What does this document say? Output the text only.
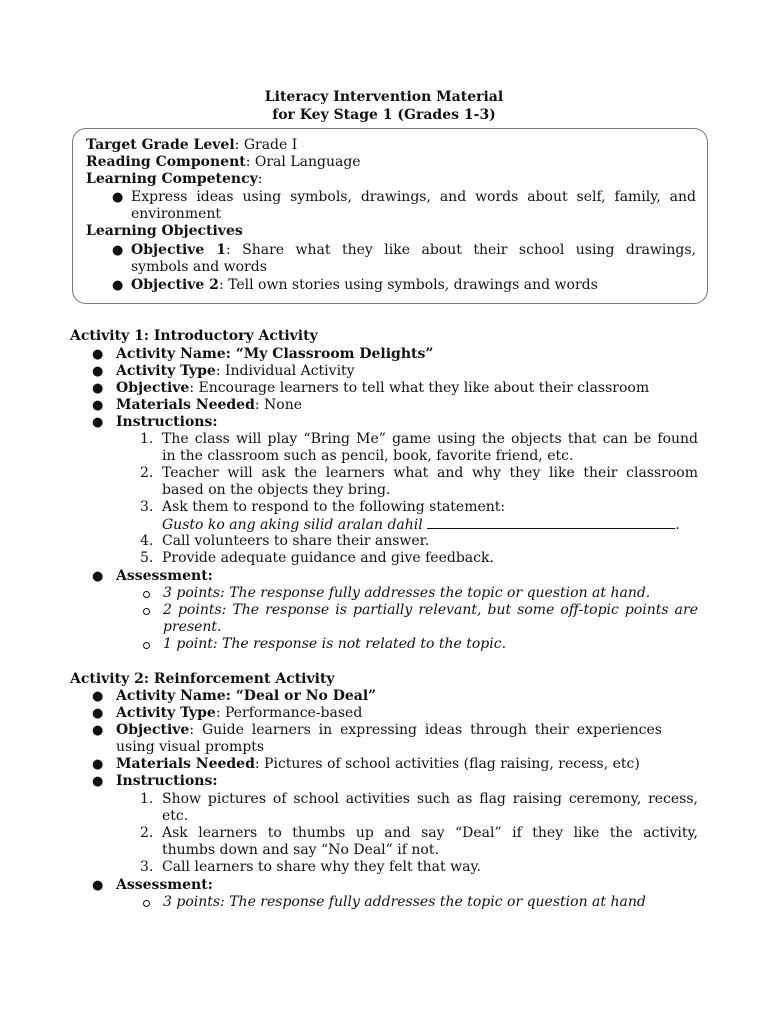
Literacy Intervention Material
for Key Stage 1 (Grades 1-3)
Target Grade Level: Grade I
Reading Component: Oral Language
Learning Competency:
● Express ideas using symbols, drawings, and words about self, family, and
environment
Learning Objectives
● Objective 1: Share what they like about their school using drawings,
symbols and words
● Objective 2: Tell own stories using symbols, drawings and words
Activity 1: Introductory Activity
● Activity Name: “My Classroom Delights”
● Activity Type: Individual Activity
● Objective: Encourage learners to tell what they like about their classroom
● Materials Needed: None
● Instructions:
1. The class will play “Bring Me” game using the objects that can be found
in the classroom such as pencil, book, favorite friend, etc.
2. Teacher will ask the learners what and why they like their classroom
based on the objects they bring.
3. Ask them to respond to the following statement:
Gusto ko ang aking silid aralan dahil	.
4. Call volunteers to share their answer.
5. Provide adequate guidance and give feedback.
● Assessment:
3 points: The response fully addresses the topic or question at hand.
2 points: The response is partially relevant, but some off-topic points are
present.
1 point: The response is not related to the topic.
Activity 2: Reinforcement Activity
● Activity Name: “Deal or No Deal”
● Activity Type: Performance-based
● Objective: Guide learners in expressing ideas through their experiences
using visual prompts
● Materials Needed: Pictures of school activities (flag raising, recess, etc)
● Instructions:
1. Show pictures of school activities such as flag raising ceremony, recess,
etc.
2. Ask learners to thumbs up and say “Deal” if they like the activity,
thumbs down and say “No Deal” if not.
3. Call learners to share why they felt that way.
● Assessment:
3 points: The response fully addresses the topic or question at hand
